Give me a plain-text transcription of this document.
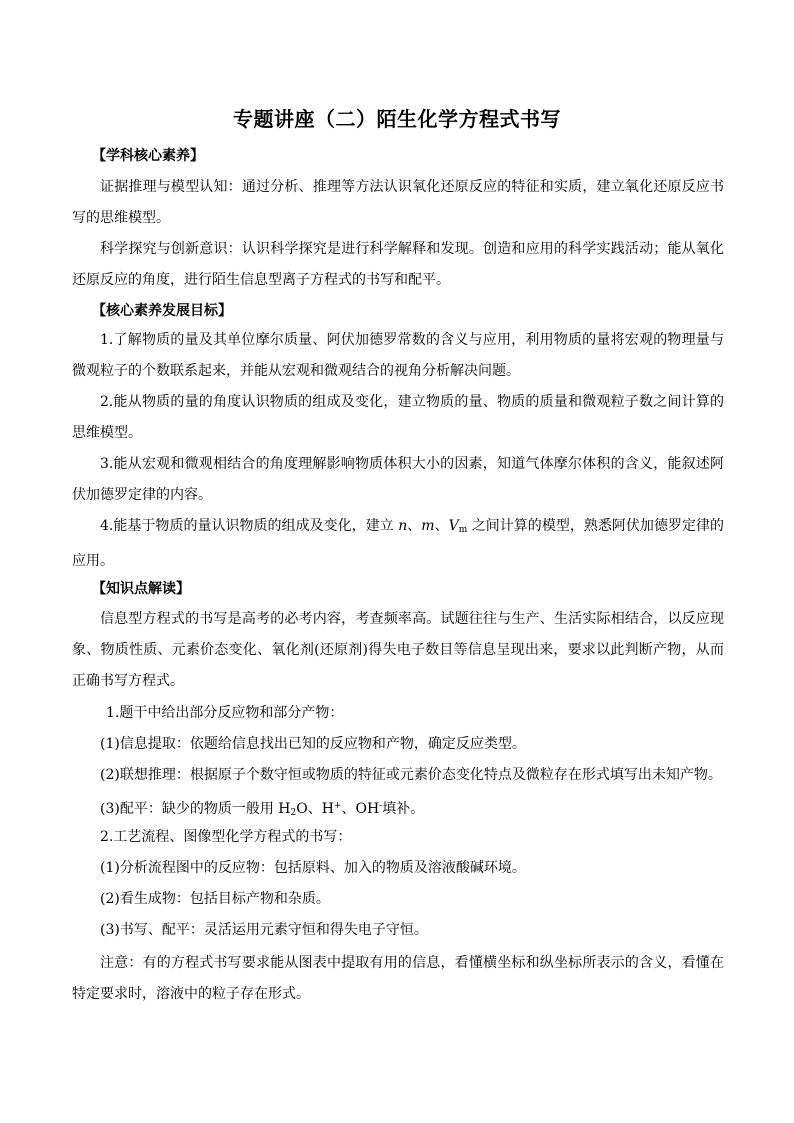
专题讲座（二）陌生化学方程式书写
【学科核心素养】
证据推理与模型认知：通过分析、推理等方法认识氧化还原反应的特征和实质，建立氧化还原反应书写的思维模型。
科学探究与创新意识：认识科学探究是进行科学解释和发现。创造和应用的科学实践活动；能从氧化还原反应的角度，进行陌生信息型离子方程式的书写和配平。
【核心素养发展目标】
1.了解物质的量及其单位摩尔质量、阿伏加德罗常数的含义与应用，利用物质的量将宏观的物理量与微观粒子的个数联系起来，并能从宏观和微观结合的视角分析解决问题。
2.能从物质的量的角度认识物质的组成及变化，建立物质的量、物质的质量和微观粒子数之间计算的思维模型。
3.能从宏观和微观相结合的角度理解影响物质体积大小的因素，知道气体摩尔体积的含义，能叙述阿伏加德罗定律的内容。
4.能基于物质的量认识物质的组成及变化，建立 n、m、$V_m$ 之间计算的模型，熟悉阿伏加德罗定律的应用。
【知识点解读】
信息型方程式的书写是高考的必考内容，考查频率高。试题往往与生产、生活实际相结合，以反应现象、物质性质、元素价态变化、氧化剂(还原剂)得失电子数目等信息呈现出来，要求以此判断产物，从而正确书写方程式。
1.题干中给出部分反应物和部分产物：
(1)信息提取：依题给信息找出已知的反应物和产物，确定反应类型。
(2)联想推理：根据原子个数守恒或物质的特征或元素价态变化特点及微粒存在形式填写出未知产物。
(3)配平：缺少的物质一般用 $H_2O$、H+、OH-填补。
2.工艺流程、图像型化学方程式的书写：
(1)分析流程图中的反应物：包括原料、加入的物质及溶液酸碱环境。
(2)看生成物：包括目标产物和杂质。
(3)书写、配平：灵活运用元素守恒和得失电子守恒。
注意：有的方程式书写要求能从图表中提取有用的信息，看懂横坐标和纵坐标所表示的含义，看懂在特定要求时，溶液中的粒子存在形式。
